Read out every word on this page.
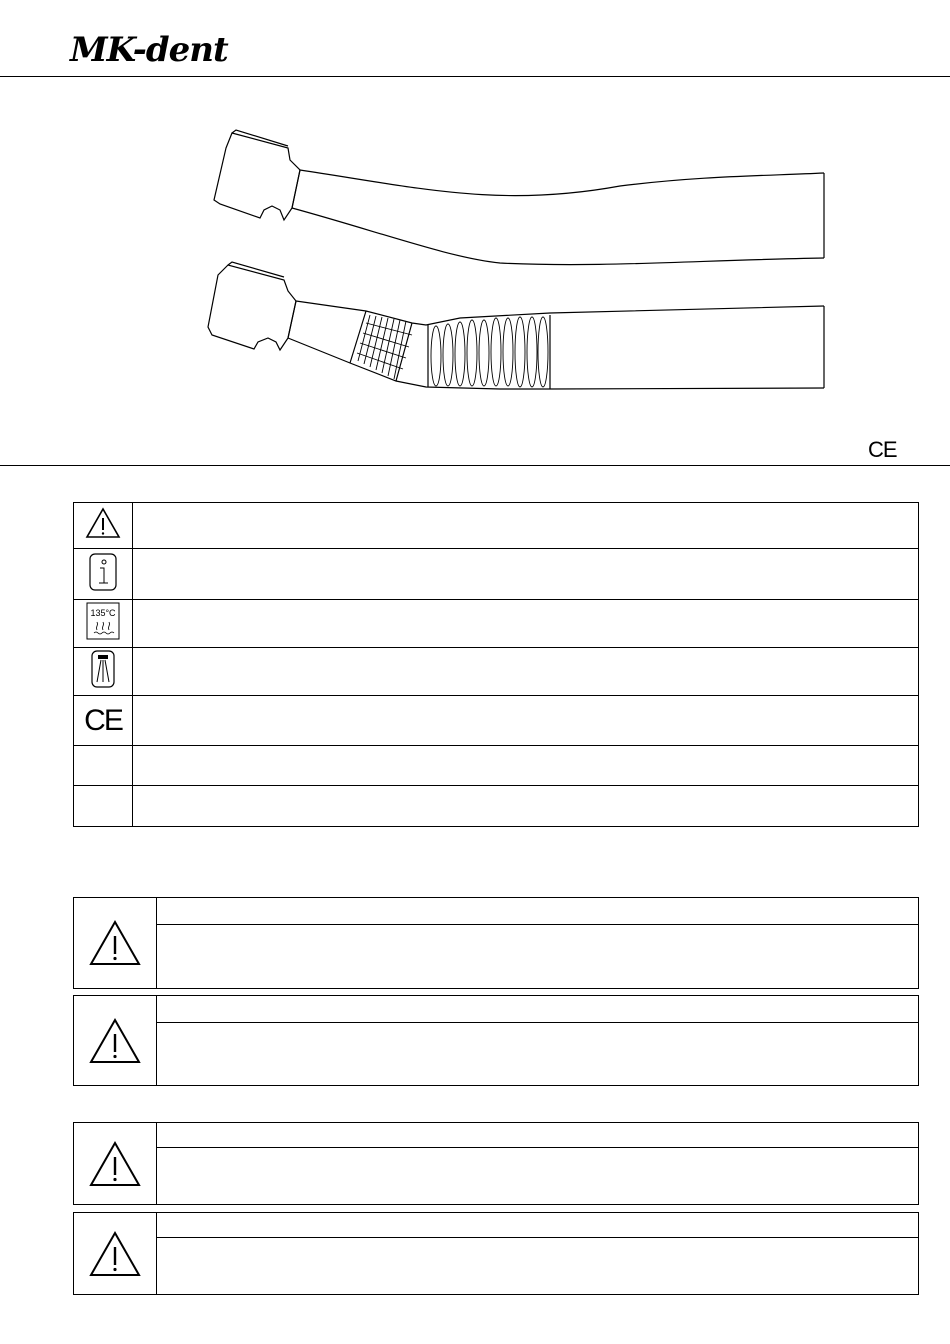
MK-dent
CE

135°C	

CE	
